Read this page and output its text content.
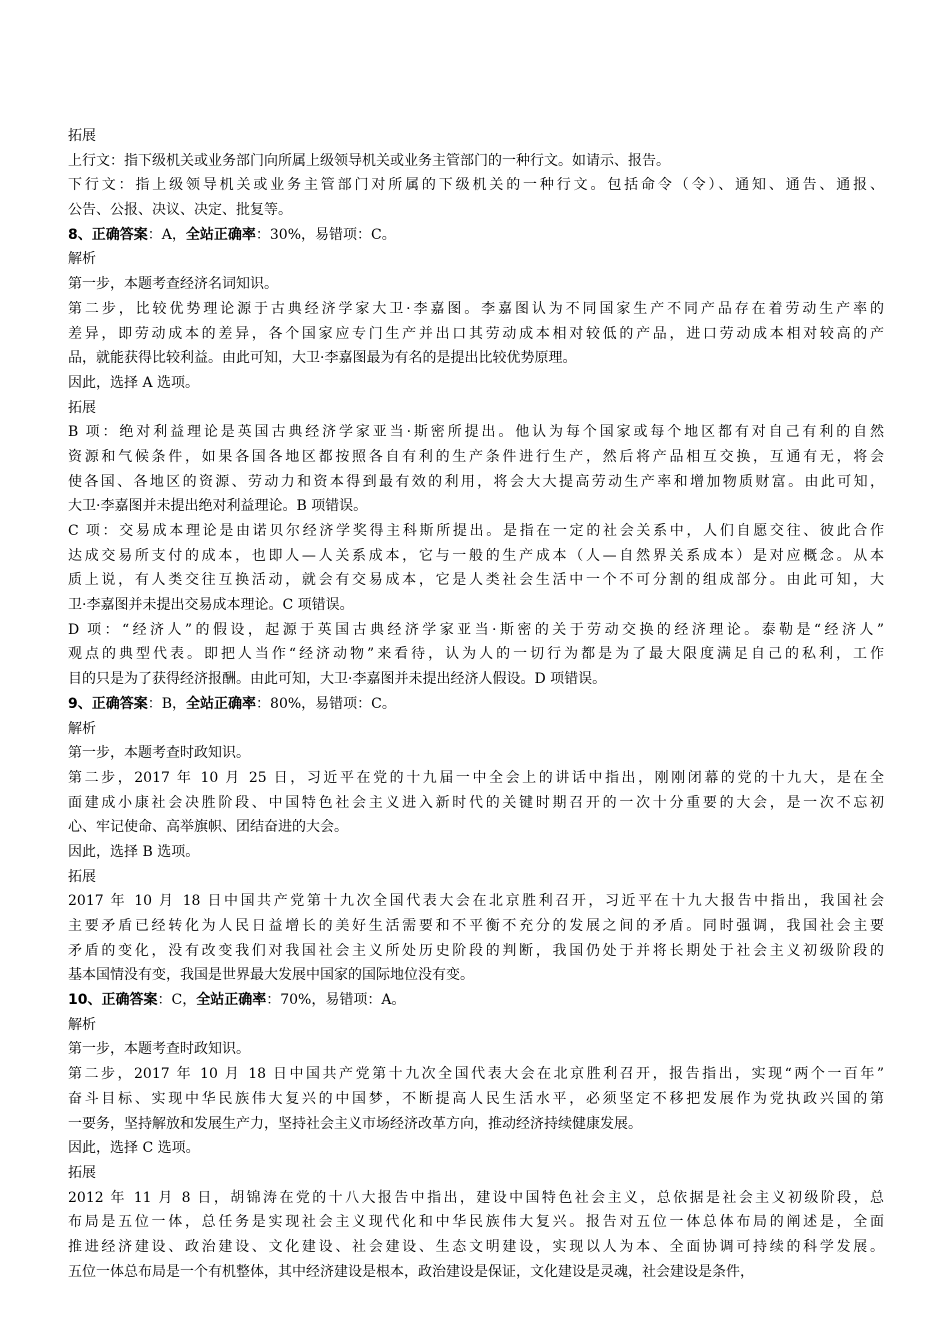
拓展
上行文：指下级机关或业务部门向所属上级领导机关或业务主管部门的一种行文。如请示、报告。
下行文：指上级领导机关或业务主管部门对所属的下级机关的一种行文。包括命令（令）、通知、通告、通报、
公告、公报、决议、决定、批复等。
8、正确答案：A，全站正确率：30%，易错项：C。
解析
第一步，本题考查经济名词知识。
第二步，比较优势理论源于古典经济学家大卫·李嘉图。李嘉图认为不同国家生产不同产品存在着劳动生产率的
差异，即劳动成本的差异，各个国家应专门生产并出口其劳动成本相对较低的产品，进口劳动成本相对较高的产
品，就能获得比较利益。由此可知，大卫·李嘉图最为有名的是提出比较优势原理。
因此，选择 A 选项。
拓展
B 项：绝对利益理论是英国古典经济学家亚当·斯密所提出。他认为每个国家或每个地区都有对自己有利的自然
资源和气候条件，如果各国各地区都按照各自有利的生产条件进行生产，然后将产品相互交换，互通有无，将会
使各国、各地区的资源、劳动力和资本得到最有效的利用，将会大大提高劳动生产率和增加物质财富。由此可知，
大卫·李嘉图并未提出绝对利益理论。B 项错误。
C 项：交易成本理论是由诺贝尔经济学奖得主科斯所提出。是指在一定的社会关系中，人们自愿交往、彼此合作
达成交易所支付的成本，也即人—人关系成本，它与一般的生产成本（人—自然界关系成本）是对应概念。从本
质上说，有人类交往互换活动，就会有交易成本，它是人类社会生活中一个不可分割的组成部分。由此可知，大
卫·李嘉图并未提出交易成本理论。C 项错误。
D 项：“经济人”的假设，起源于英国古典经济学家亚当·斯密的关于劳动交换的经济理论。泰勒是“经济人”
观点的典型代表。即把人当作“经济动物”来看待，认为人的一切行为都是为了最大限度满足自己的私利，工作
目的只是为了获得经济报酬。由此可知，大卫·李嘉图并未提出经济人假设。D 项错误。
9、正确答案：B，全站正确率：80%，易错项：C。
解析
第一步，本题考查时政知识。
第二步，2017 年 10 月 25 日，习近平在党的十九届一中全会上的讲话中指出，刚刚闭幕的党的十九大，是在全
面建成小康社会决胜阶段、中国特色社会主义进入新时代的关键时期召开的一次十分重要的大会，是一次不忘初
心、牢记使命、高举旗帜、团结奋进的大会。
因此，选择 B 选项。
拓展
2017 年 10 月 18 日中国共产党第十九次全国代表大会在北京胜利召开，习近平在十九大报告中指出，我国社会
主要矛盾已经转化为人民日益增长的美好生活需要和不平衡不充分的发展之间的矛盾。同时强调，我国社会主要
矛盾的变化，没有改变我们对我国社会主义所处历史阶段的判断，我国仍处于并将长期处于社会主义初级阶段的
基本国情没有变，我国是世界最大发展中国家的国际地位没有变。
10、正确答案：C，全站正确率：70%，易错项：A。
解析
第一步，本题考查时政知识。
第二步，2017 年 10 月 18 日中国共产党第十九次全国代表大会在北京胜利召开，报告指出，实现“两个一百年”
奋斗目标、实现中华民族伟大复兴的中国梦，不断提高人民生活水平，必须坚定不移把发展作为党执政兴国的第
一要务，坚持解放和发展生产力，坚持社会主义市场经济改革方向，推动经济持续健康发展。
因此，选择 C 选项。
拓展
2012 年 11 月 8 日，胡锦涛在党的十八大报告中指出，建设中国特色社会主义，总依据是社会主义初级阶段，总
布局是五位一体，总任务是实现社会主义现代化和中华民族伟大复兴。报告对五位一体总体布局的阐述是，全面
推进经济建设、政治建设、文化建设、社会建设、生态文明建设，实现以人为本、全面协调可持续的科学发展。
五位一体总布局是一个有机整体，其中经济建设是根本，政治建设是保证，文化建设是灵魂，社会建设是条件，
